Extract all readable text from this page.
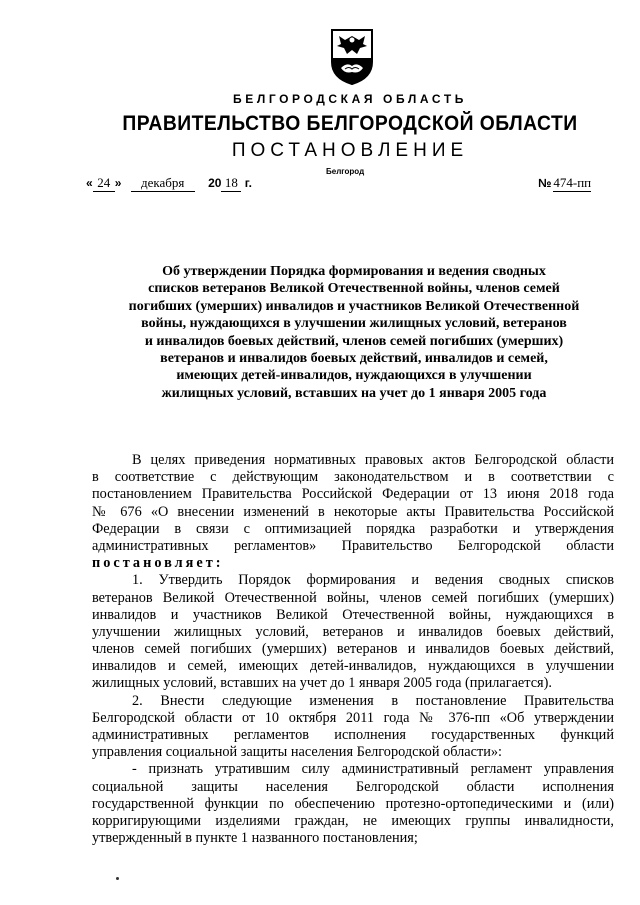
БЕЛГОРОДСКАЯ ОБЛАСТЬ
ПРАВИТЕЛЬСТВО БЕЛГОРОДСКОЙ ОБЛАСТИ
ПОСТАНОВЛЕНИЕ
Белгород
« 24 » декабря 20 18 г.	№ 474-пп
Об утверждении Порядка формирования и ведения сводных
списков ветеранов Великой Отечественной войны, членов семей
погибших (умерших) инвалидов и участников Великой Отечественной
войны, нуждающихся в улучшении жилищных условий, ветеранов
и инвалидов боевых действий, членов семей погибших (умерших)
ветеранов и инвалидов боевых действий, инвалидов и семей,
имеющих детей-инвалидов, нуждающихся в улучшении
жилищных условий, вставших на учет до 1 января 2005 года
В целях приведения нормативных правовых актов Белгородской области
в соответствие с действующим законодательством и в соответствии с
постановлением Правительства Российской Федерации от 13 июня 2018 года
№ 676 «О внесении изменений в некоторые акты Правительства Российской
Федерации в связи с оптимизацией порядка разработки и утверждения
административных регламентов» Правительство Белгородской области
постановляет:
1. Утвердить Порядок формирования и ведения сводных списков
ветеранов Великой Отечественной войны, членов семей погибших (умерших)
инвалидов и участников Великой Отечественной войны, нуждающихся в
улучшении жилищных условий, ветеранов и инвалидов боевых действий,
членов семей погибших (умерших) ветеранов и инвалидов боевых действий,
инвалидов и семей, имеющих детей-инвалидов, нуждающихся в улучшении
жилищных условий, вставших на учет до 1 января 2005 года (прилагается).
2. Внести следующие изменения в постановление Правительства
Белгородской области от 10 октября 2011 года № 376-пп «Об утверждении
административных регламентов исполнения государственных функций
управления социальной защиты населения Белгородской области»:
- признать утратившим силу административный регламент управления
социальной защиты населения Белгородской области исполнения
государственной функции по обеспечению протезно-ортопедическими и (или)
корригирующими изделиями граждан, не имеющих группы инвалидности,
утвержденный в пункте 1 названного постановления;
